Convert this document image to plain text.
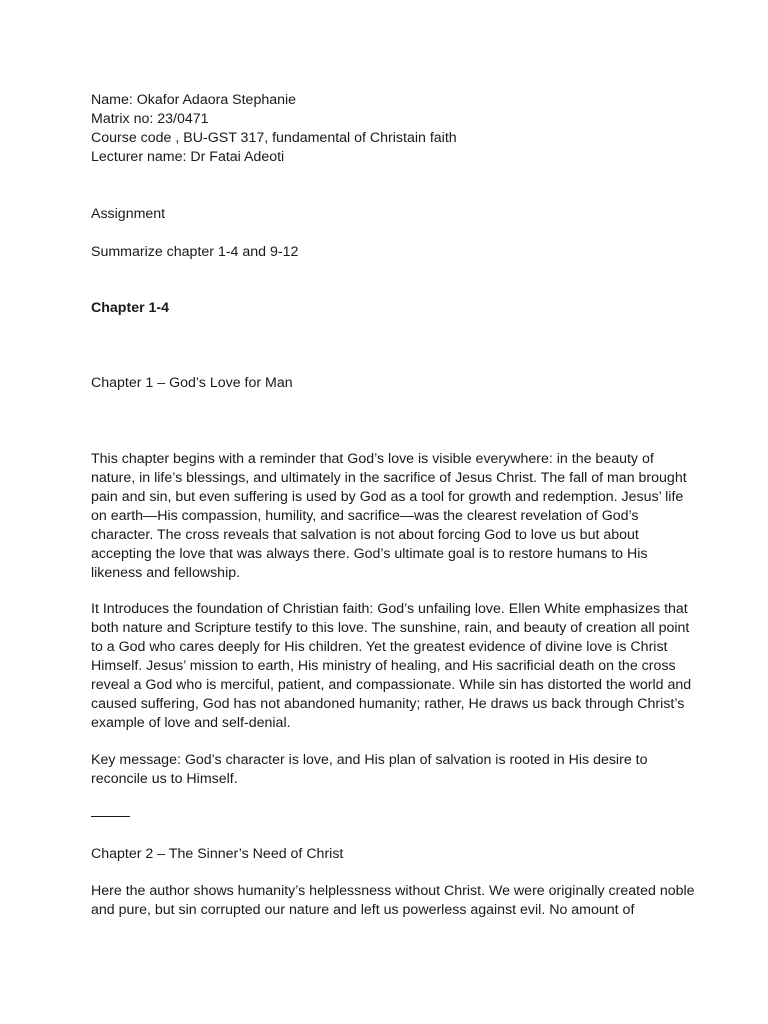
Name: Okafor Adaora Stephanie
Matrix no: 23/0471
Course code , BU-GST 317, fundamental of Christain faith
Lecturer name: Dr Fatai Adeoti
Assignment
Summarize chapter 1-4 and 9-12
Chapter 1-4
Chapter 1 – God’s Love for Man
This chapter begins with a reminder that God’s love is visible everywhere: in the beauty of
nature, in life’s blessings, and ultimately in the sacrifice of Jesus Christ. The fall of man brought
pain and sin, but even suffering is used by God as a tool for growth and redemption. Jesus’ life
on earth—His compassion, humility, and sacrifice—was the clearest revelation of God’s
character. The cross reveals that salvation is not about forcing God to love us but about
accepting the love that was always there. God’s ultimate goal is to restore humans to His
likeness and fellowship.
It Introduces the foundation of Christian faith: God’s unfailing love. Ellen White emphasizes that
both nature and Scripture testify to this love. The sunshine, rain, and beauty of creation all point
to a God who cares deeply for His children. Yet the greatest evidence of divine love is Christ
Himself. Jesus’ mission to earth, His ministry of healing, and His sacrificial death on the cross
reveal a God who is merciful, patient, and compassionate. While sin has distorted the world and
caused suffering, God has not abandoned humanity; rather, He draws us back through Christ’s
example of love and self-denial.
Key message: God’s character is love, and His plan of salvation is rooted in His desire to
reconcile us to Himself.
Chapter 2 – The Sinner’s Need of Christ
Here the author shows humanity’s helplessness without Christ. We were originally created noble
and pure, but sin corrupted our nature and left us powerless against evil. No amount of
